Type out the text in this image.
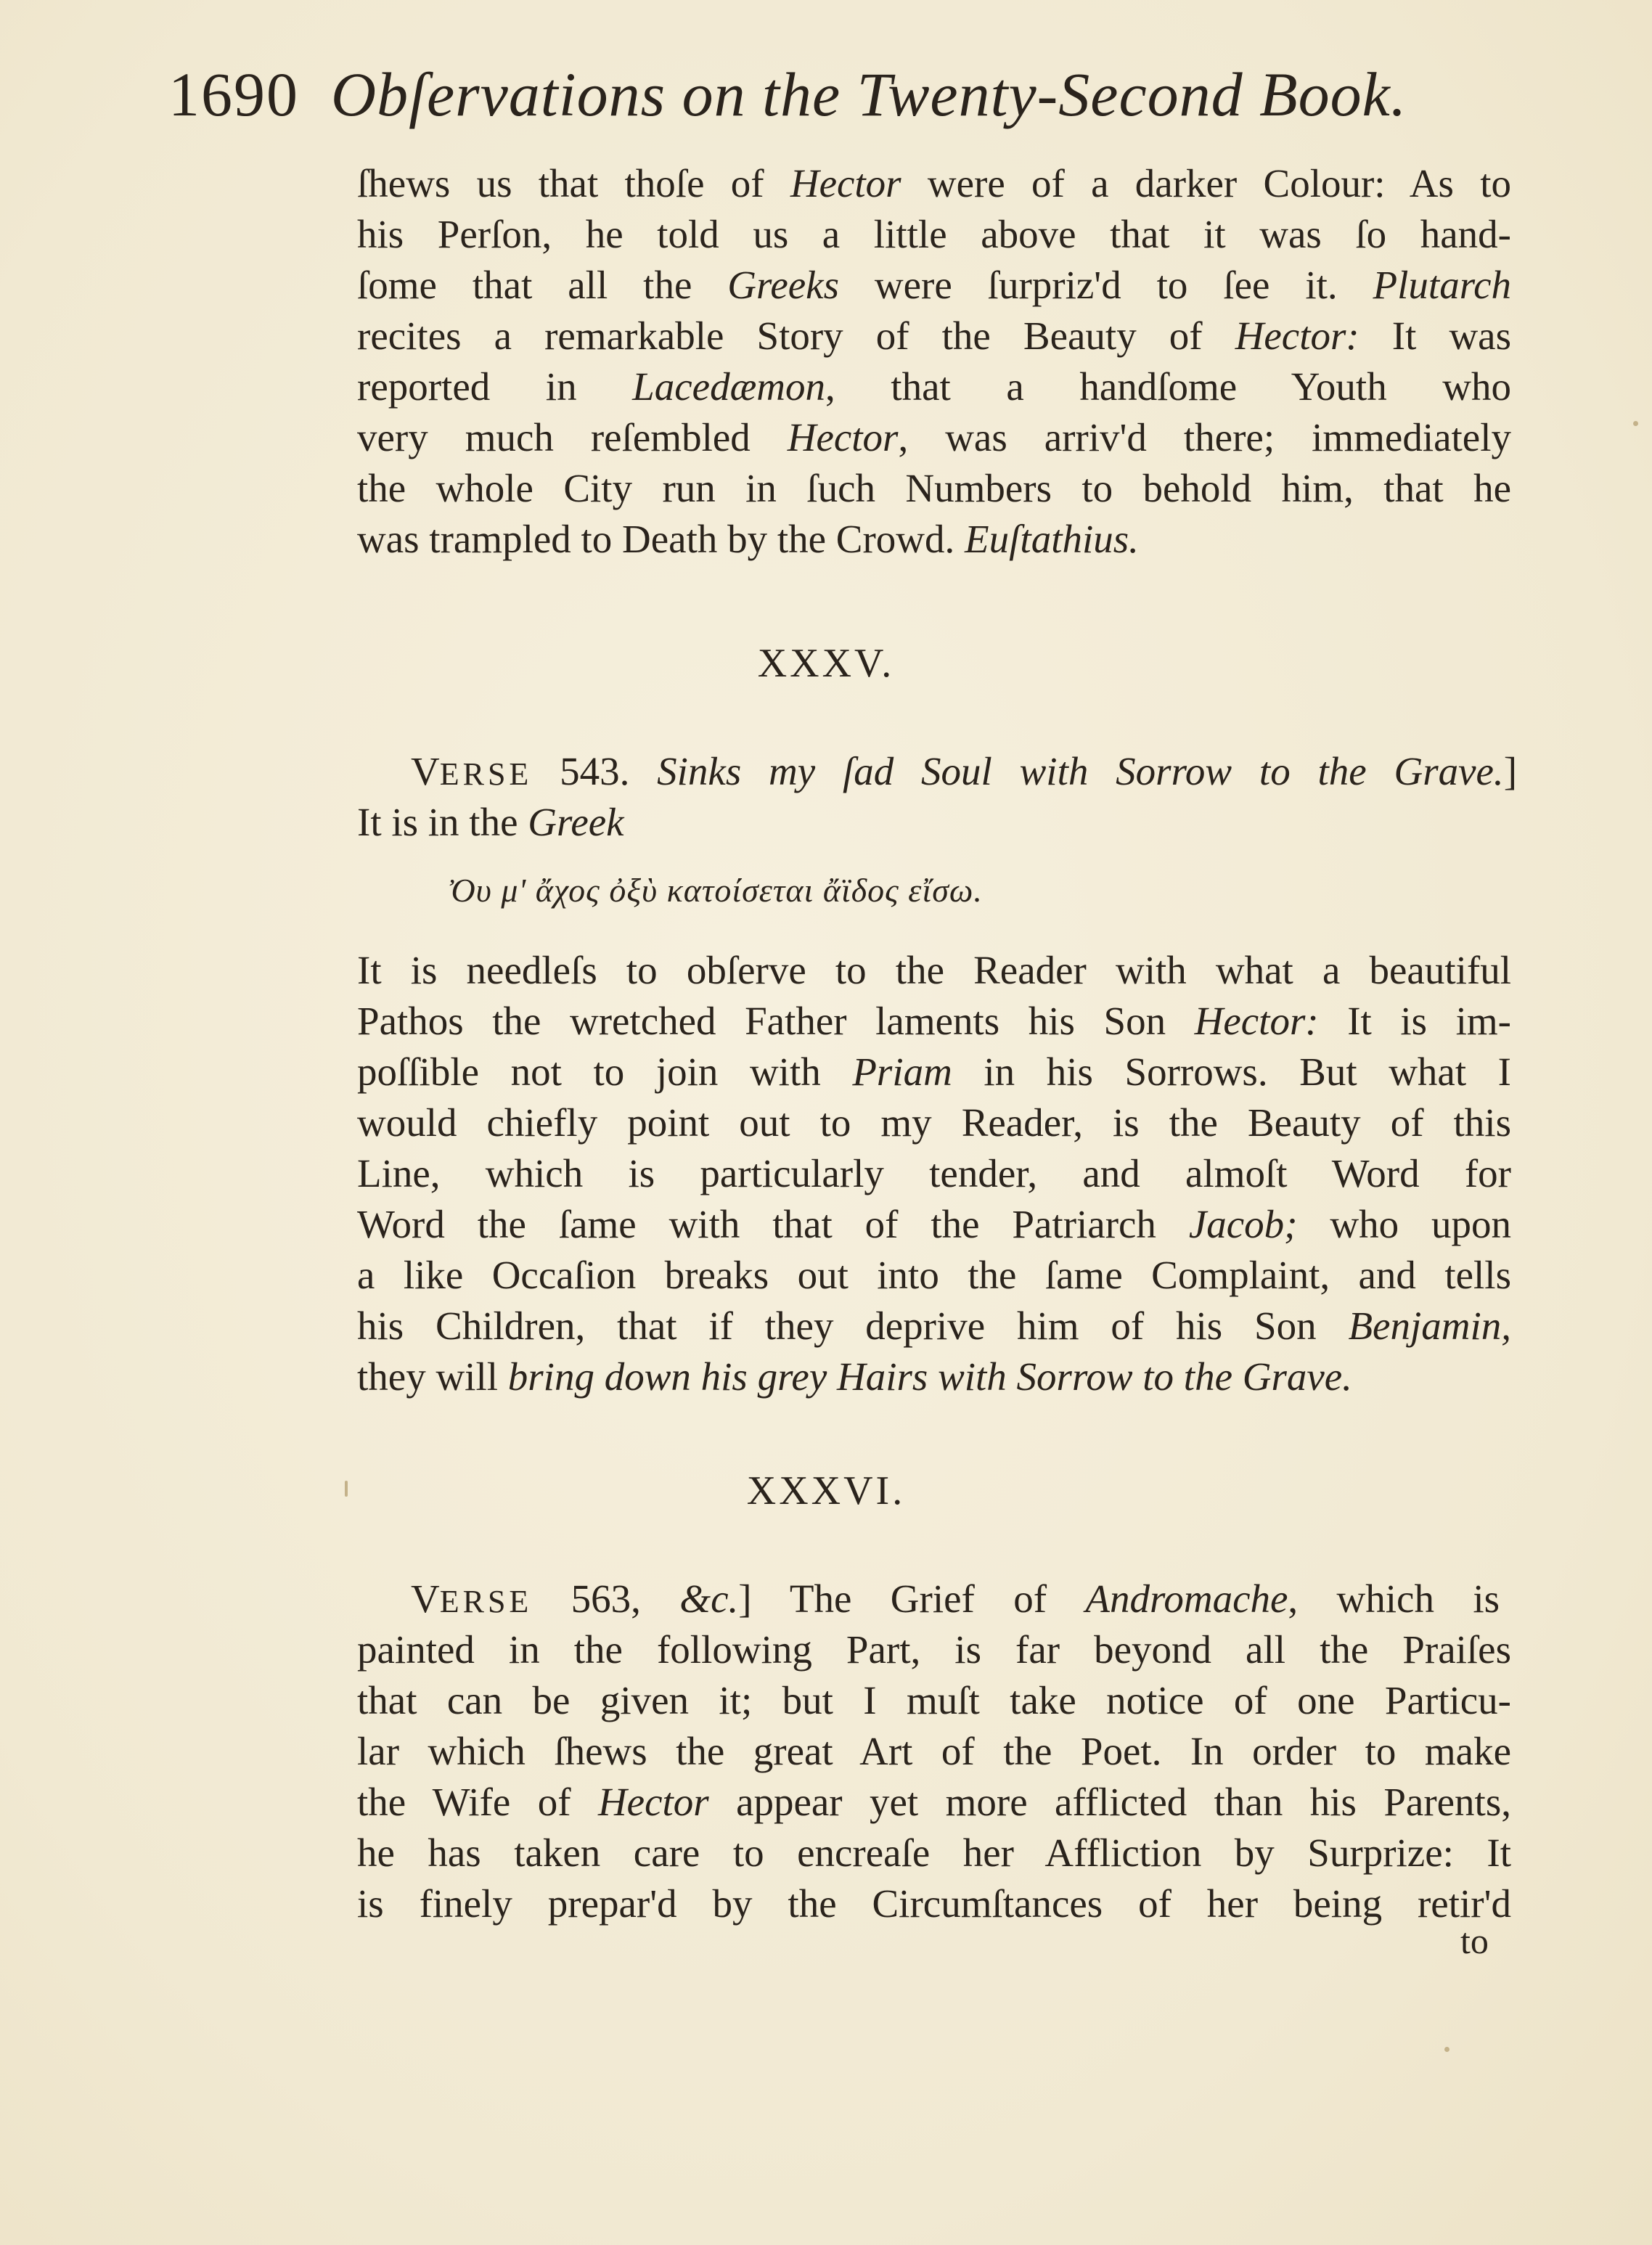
1690 Obſervations on the Twenty-Second Book.
ſhews us that thoſe of Hector were of a darker Colour: As to
his Perſon, he told us a little above that it was ſo hand-
ſome that all the Greeks were ſurpriz'd to ſee it. Plutarch
recites a remarkable Story of the Beauty of Hector: It was
reported in Lacedæmon, that a handſome Youth who
very much reſembled Hector, was arriv'd there; immediately
the whole City run in ſuch Numbers to behold him, that he
was trampled to Death by the Crowd. Euſtathius.
XXXV.
VERSE 543. Sinks my ſad Soul with Sorrow to the Grave.]
It is in the Greek
Ὀυ μ' ἄχος ὀξὺ κατοίσεται ἄϊδος εἴσω.
It is needleſs to obſerve to the Reader with what a beautiful
Pathos the wretched Father laments his Son Hector: It is im-
poſſible not to join with Priam in his Sorrows. But what I
would chiefly point out to my Reader, is the Beauty of this
Line, which is particularly tender, and almoſt Word for
Word the ſame with that of the Patriarch Jacob; who upon
a like Occaſion breaks out into the ſame Complaint, and tells
his Children, that if they deprive him of his Son Benjamin,
they will bring down his grey Hairs with Sorrow to the Grave.
XXXVI.
VERSE 563, &c.] The Grief of Andromache, which is
painted in the following Part, is far beyond all the Praiſes
that can be given it; but I muſt take notice of one Particu-
lar which ſhews the great Art of the Poet. In order to make
the Wife of Hector appear yet more afflicted than his Parents,
he has taken care to encreaſe her Affliction by Surprize: It
is finely prepar'd by the Circumſtances of her being retir'd
to
